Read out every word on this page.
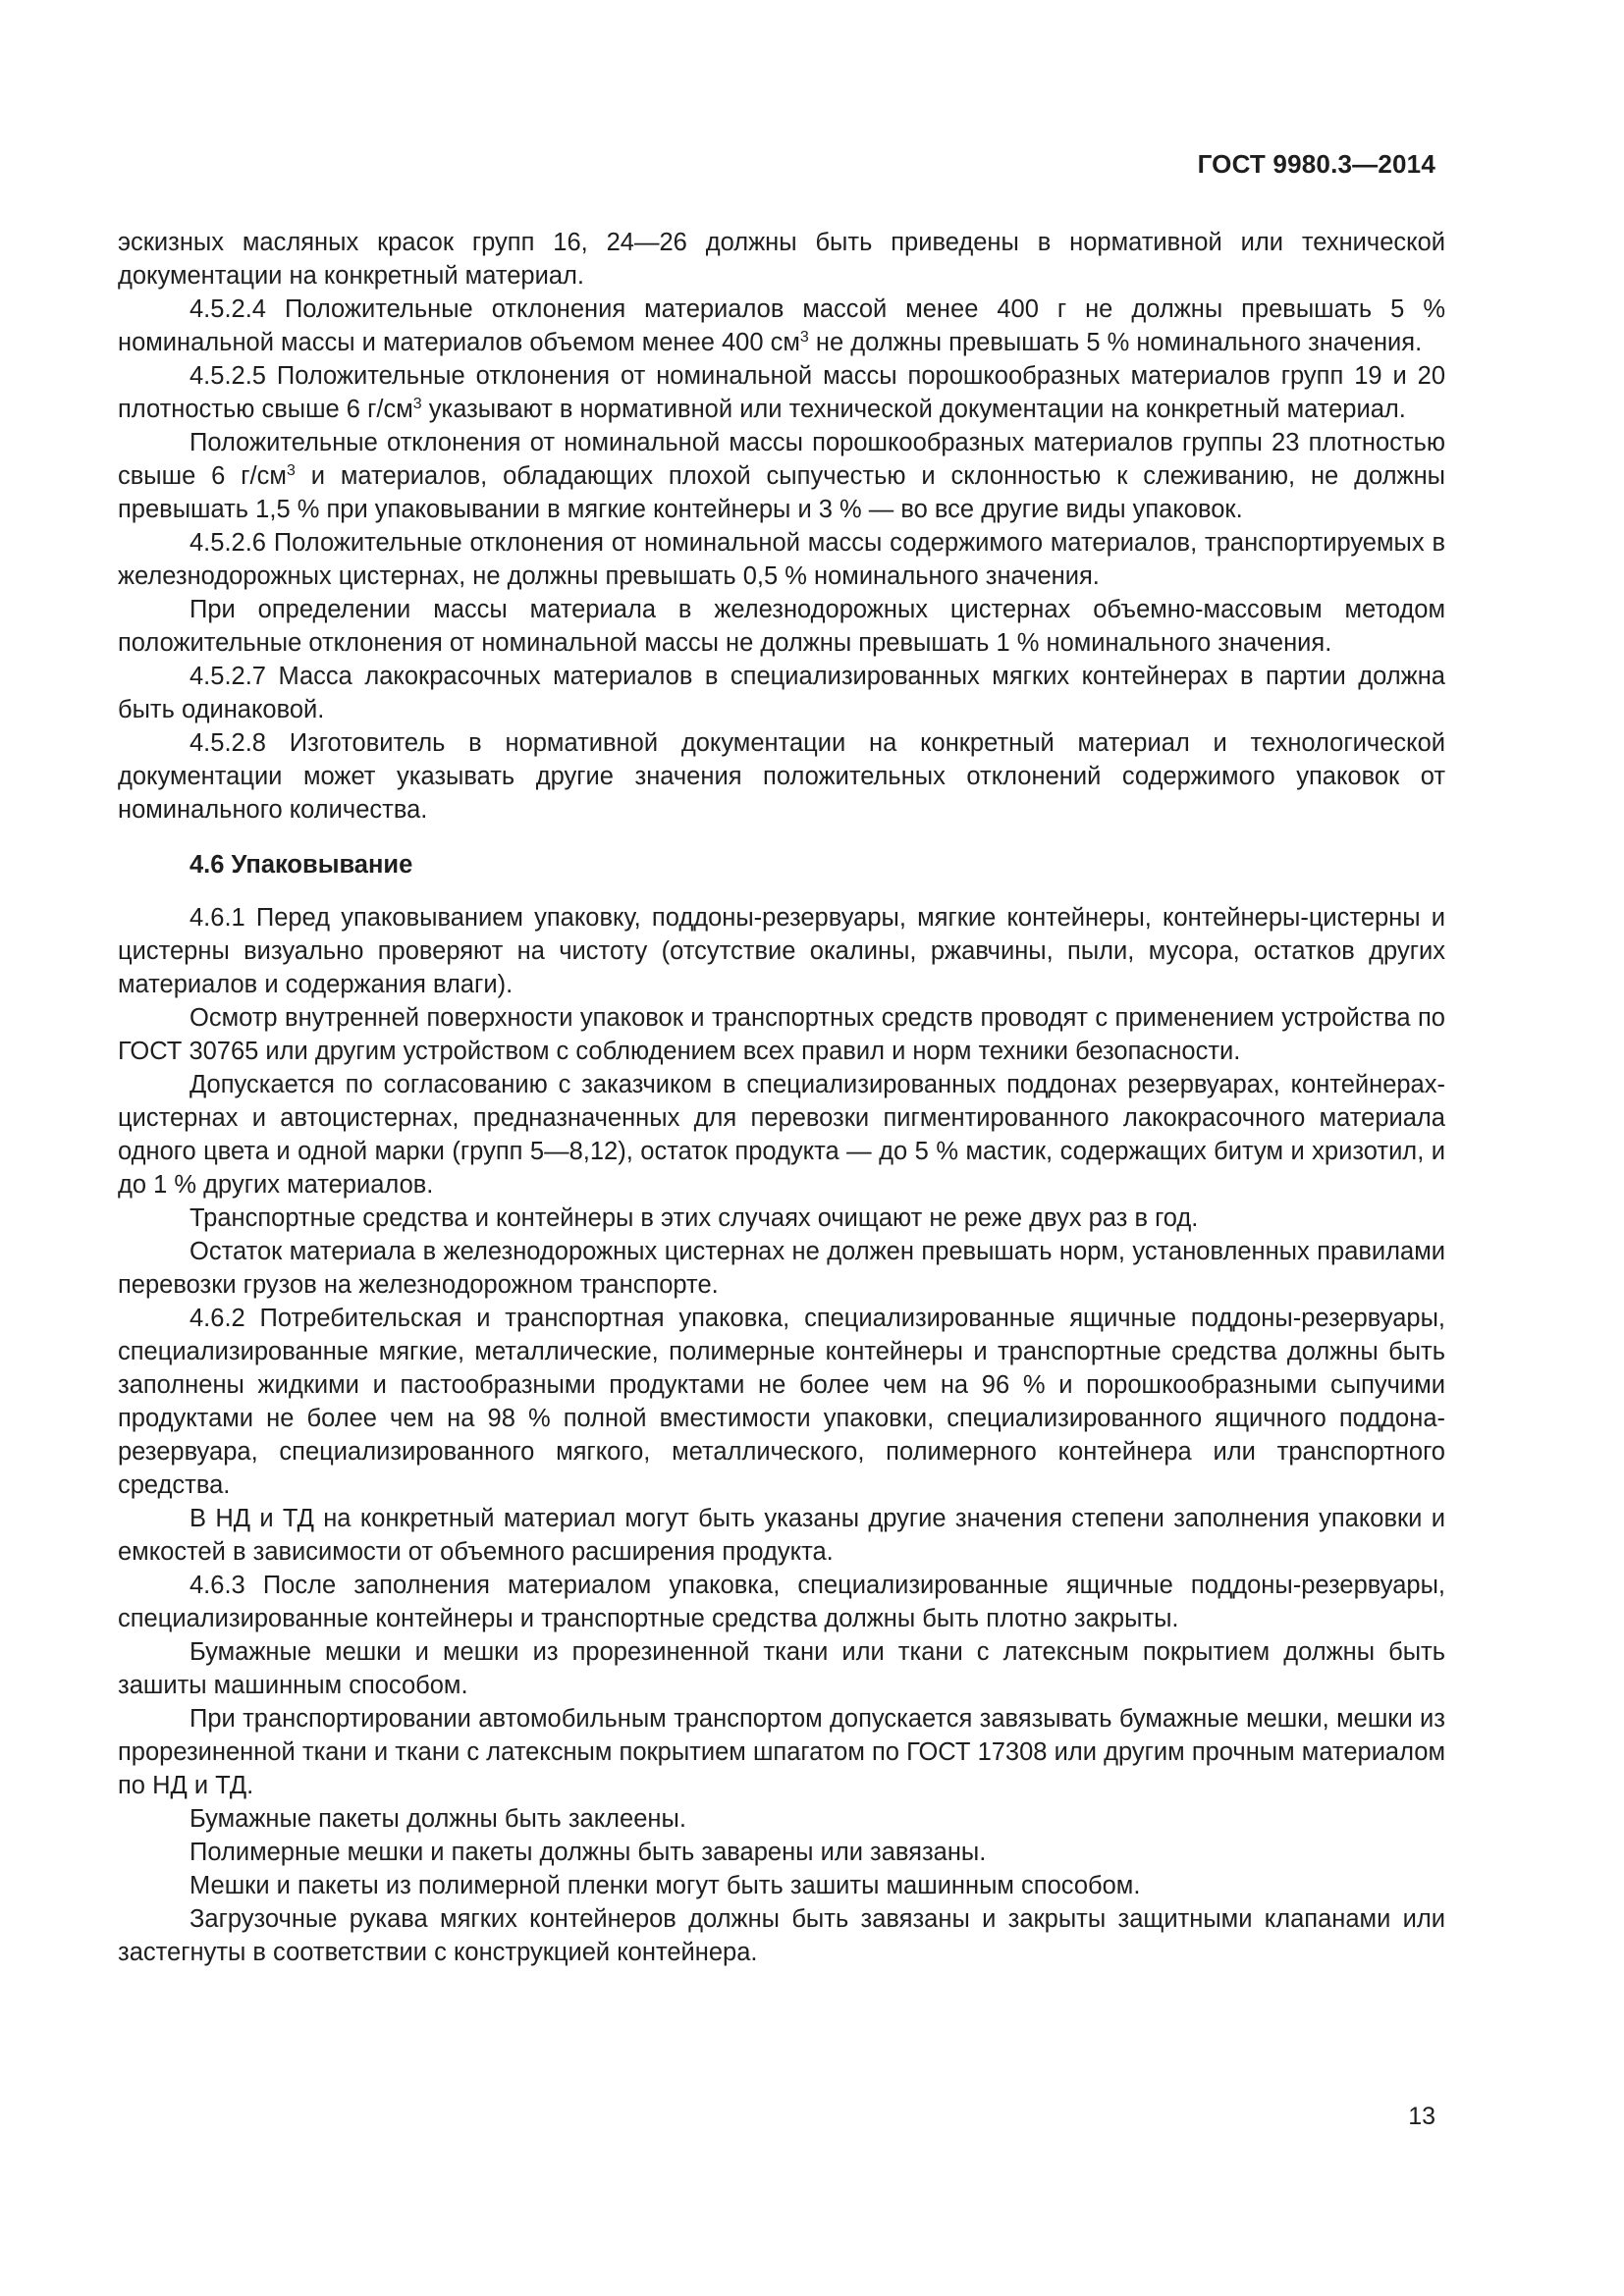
ГОСТ 9980.3—2014

эскизных масляных красок групп 16, 24—26 должны быть приведены в нормативной или технической документации на конкретный материал.

4.5.2.4 Положительные отклонения материалов массой менее 400 г не должны превышать 5 % номинальной массы и материалов объемом менее 400 $см^3$ не должны превышать 5 % номинального значения.

4.5.2.5 Положительные отклонения от номинальной массы порошкообразных материалов групп 19 и 20 плотностью свыше 6 $г/см^3$ указывают в нормативной или технической документации на конкретный материал.

Положительные отклонения от номинальной массы порошкообразных материалов группы 23 плотностью свыше 6 $г/см^3$ и материалов, обладающих плохой сыпучестью и склонностью к слеживанию, не должны превышать 1,5 % при упаковывании в мягкие контейнеры и 3 % — во все другие виды упаковок.

4.5.2.6 Положительные отклонения от номинальной массы содержимого материалов, транспортируемых в железнодорожных цистернах, не должны превышать 0,5 % номинального значения.

При определении массы материала в железнодорожных цистернах объемно-массовым методом положительные отклонения от номинальной массы не должны превышать 1 % номинального значения.

4.5.2.7 Масса лакокрасочных материалов в специализированных мягких контейнерах в партии должна быть одинаковой.

4.5.2.8 Изготовитель в нормативной документации на конкретный материал и технологической документации может указывать другие значения положительных отклонений содержимого упаковок от номинального количества.

4.6 Упаковывание

4.6.1 Перед упаковыванием упаковку, поддоны-резервуары, мягкие контейнеры, контейнеры-цистерны и цистерны визуально проверяют на чистоту (отсутствие окалины, ржавчины, пыли, мусора, остатков других материалов и содержания влаги).

Осмотр внутренней поверхности упаковок и транспортных средств проводят с применением устройства по ГОСТ 30765 или другим устройством с соблюдением всех правил и норм техники безопасности.

Допускается по согласованию с заказчиком в специализированных поддонах резервуарах, контейнерах-цистернах и автоцистернах, предназначенных для перевозки пигментированного лакокрасочного материала одного цвета и одной марки (групп 5—8,12), остаток продукта — до 5 % мастик, содержащих битум и хризотил, и до 1 % других материалов.

Транспортные средства и контейнеры в этих случаях очищают не реже двух раз в год.

Остаток материала в железнодорожных цистернах не должен превышать норм, установленных правилами перевозки грузов на железнодорожном транспорте.

4.6.2 Потребительская и транспортная упаковка, специализированные ящичные поддоны-резервуары, специализированные мягкие, металлические, полимерные контейнеры и транспортные средства должны быть заполнены жидкими и пастообразными продуктами не более чем на 96 % и порошкообразными сыпучими продуктами не более чем на 98 % полной вместимости упаковки, специализированного ящичного поддона-резервуара, специализированного мягкого, металлического, полимерного контейнера или транспортного средства.

В НД и ТД на конкретный материал могут быть указаны другие значения степени заполнения упаковки и емкостей в зависимости от объемного расширения продукта.

4.6.3 После заполнения материалом упаковка, специализированные ящичные поддоны-резервуары, специализированные контейнеры и транспортные средства должны быть плотно закрыты.

Бумажные мешки и мешки из прорезиненной ткани или ткани с латексным покрытием должны быть зашиты машинным способом.

При транспортировании автомобильным транспортом допускается завязывать бумажные мешки, мешки из прорезиненной ткани и ткани с латексным покрытием шпагатом по ГОСТ 17308 или другим прочным материалом по НД и ТД.

Бумажные пакеты должны быть заклеены.

Полимерные мешки и пакеты должны быть заварены или завязаны.

Мешки и пакеты из полимерной пленки могут быть зашиты машинным способом.

Загрузочные рукава мягких контейнеров должны быть завязаны и закрыты защитными клапанами или застегнуты в соответствии с конструкцией контейнера.

13
